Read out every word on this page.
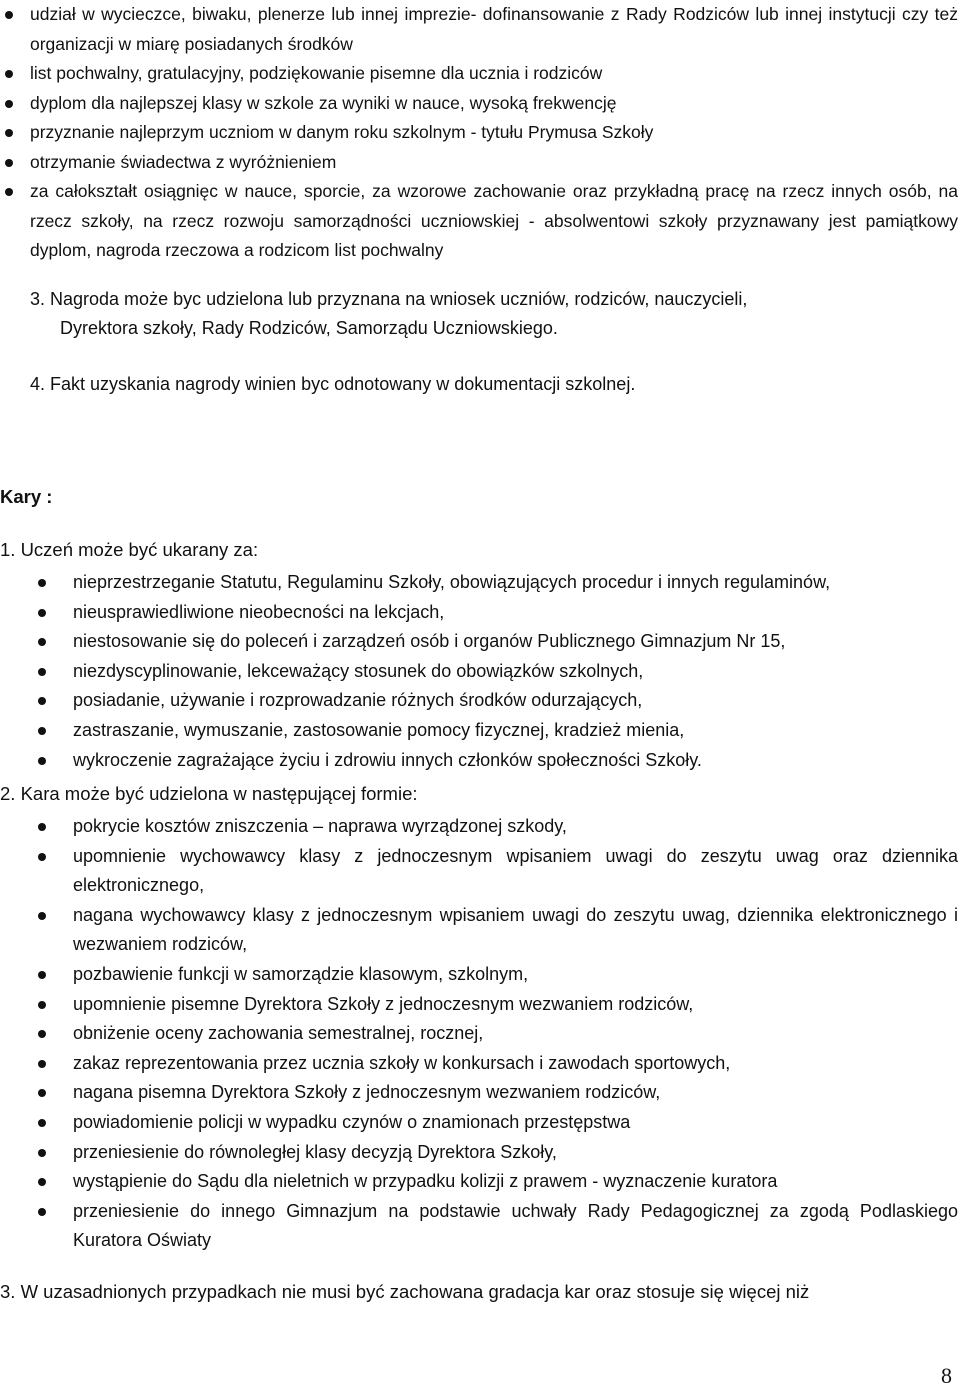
• udział w wycieczce, biwaku, plenerze lub innej imprezie- dofinansowanie z Rady Rodziców lub innej instytucji czy też organizacji w miarę posiadanych środków
• list pochwalny, gratulacyjny, podziękowanie pisemne dla ucznia i rodziców
• dyplom dla najlepszej klasy w szkole za wyniki w nauce, wysoką frekwencję
• przyznanie najleprzym uczniom w danym roku szkolnym - tytułu Prymusa Szkoły
• otrzymanie świadectwa z wyróżnieniem
• za całokształt osiągnięc w nauce, sporcie, za wzorowe zachowanie oraz przykładną pracę na rzecz innych osób, na rzecz szkoły, na rzecz rozwoju samorządności uczniowskiej - absolwentowi szkoły przyznawany jest pamiątkowy dyplom, nagroda rzeczowa a rodzicom list pochwalny

3. Nagroda może byc udzielona lub przyznana na wniosek uczniów, rodziców, nauczycieli,
Dyrektora szkoły, Rady Rodziców, Samorządu Uczniowskiego.

4. Fakt uzyskania nagrody winien byc odnotowany w dokumentacji szkolnej.

Kary :

1. Uczeń może być ukarany za:

• nieprzestrzeganie Statutu, Regulaminu Szkoły, obowiązujących procedur i innych regulaminów,
• nieusprawiedliwione nieobecności na lekcjach,
• niestosowanie się do poleceń i zarządzeń osób i organów Publicznego Gimnazjum Nr 15,
• niezdyscyplinowanie, lekceważący stosunek do obowiązków szkolnych,
• posiadanie, używanie i rozprowadzanie różnych środków odurzających,
• zastraszanie, wymuszanie, zastosowanie pomocy fizycznej, kradzież mienia,
• wykroczenie zagrażające życiu i zdrowiu innych członków społeczności Szkoły.

2. Kara może być udzielona w następującej formie:

• pokrycie kosztów zniszczenia – naprawa wyrządzonej szkody,
• upomnienie wychowawcy klasy z jednoczesnym wpisaniem uwagi do zeszytu uwag oraz dziennika elektronicznego,
• nagana wychowawcy klasy z jednoczesnym wpisaniem uwagi do zeszytu uwag, dziennika elektronicznego i wezwaniem rodziców,
• pozbawienie funkcji w samorządzie klasowym, szkolnym,
• upomnienie pisemne Dyrektora Szkoły z jednoczesnym wezwaniem rodziców,
• obniżenie oceny zachowania semestralnej, rocznej,
• zakaz reprezentowania przez ucznia szkoły w konkursach i zawodach sportowych,
• nagana pisemna Dyrektora Szkoły z jednoczesnym wezwaniem rodziców,
• powiadomienie policji w wypadku czynów o znamionach przestępstwa
• przeniesienie do równoległej klasy decyzją Dyrektora Szkoły,
• wystąpienie do Sądu dla nieletnich w przypadku kolizji z prawem - wyznaczenie kuratora
• przeniesienie do innego Gimnazjum na podstawie uchwały Rady Pedagogicznej za zgodą Podlaskiego Kuratora Oświaty

3. W uzasadnionych przypadkach nie musi być zachowana gradacja kar oraz stosuje się więcej niż

8
